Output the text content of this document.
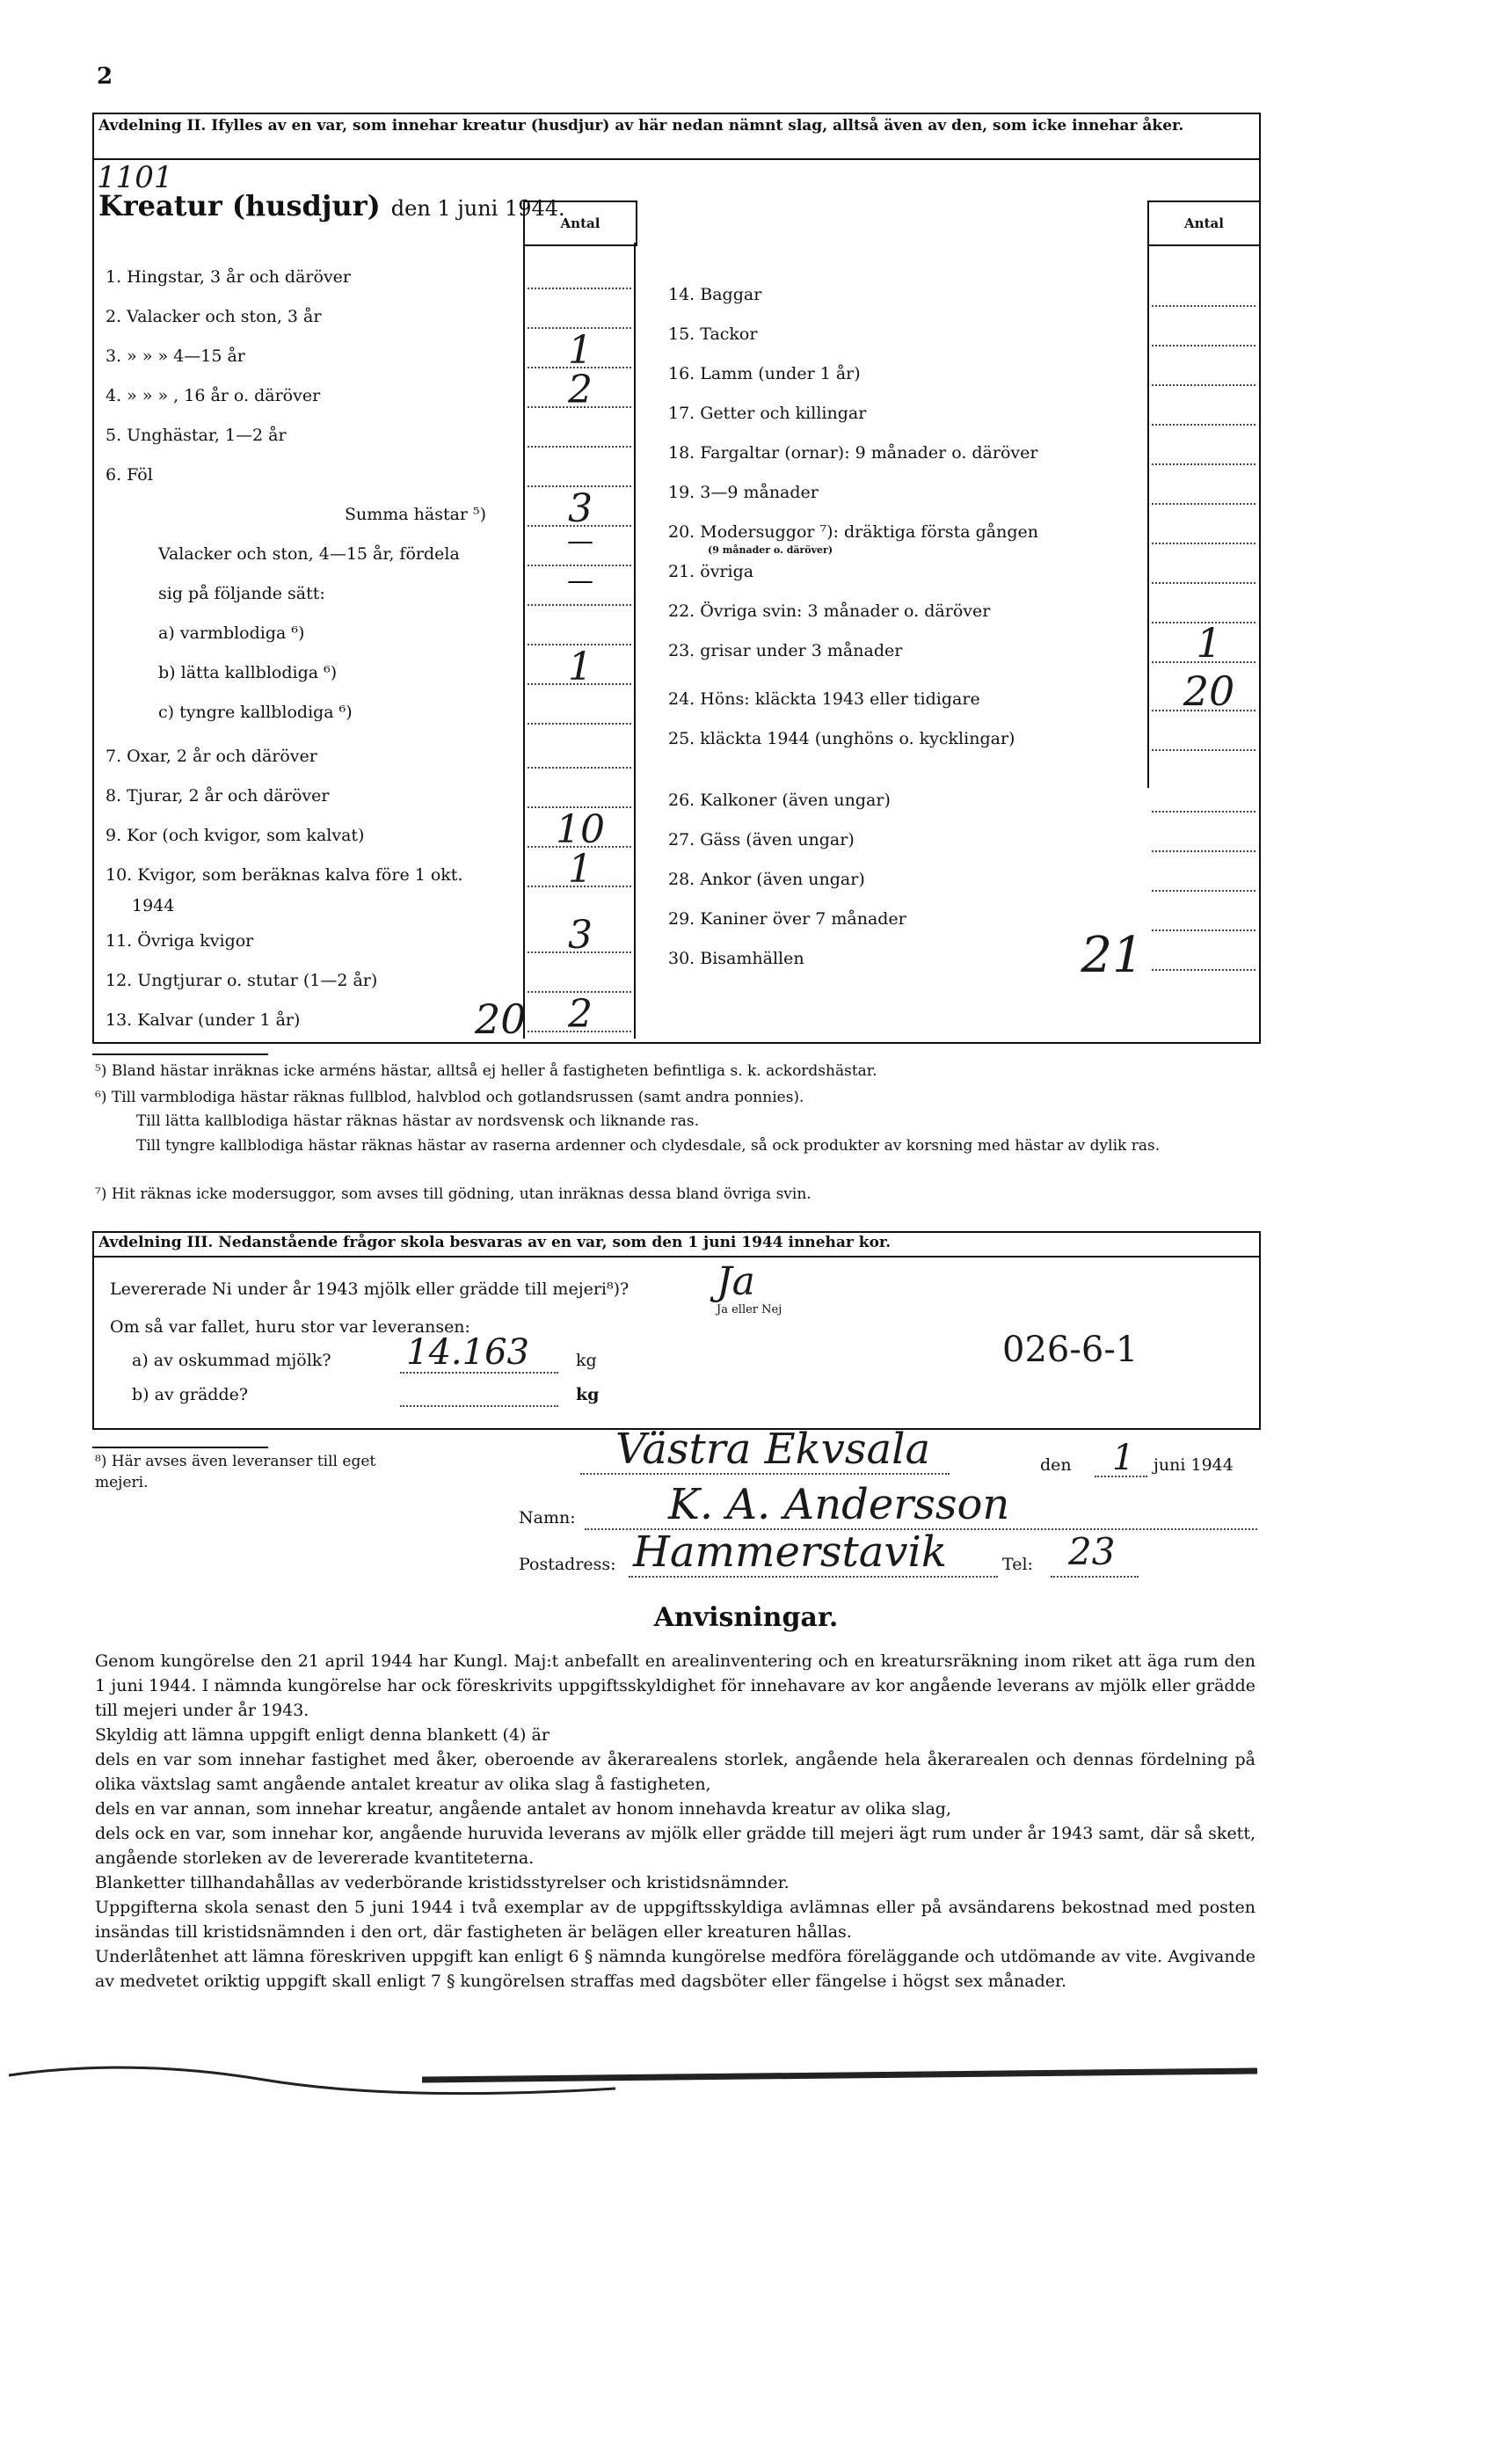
2
Avdelning II. Ifylles av en var, som innehar kreatur (husdjur) av här nedan nämnt slag, alltså även av den, som icke innehar åker.
1101
Kreatur (husdjur) den 1 juni 1944.
Antal	Antal
1. Hingstar, 3 år och däröver
2. Valacker och ston, 3 år
3. » » » 4—15 år	1
4. » » » , 16 år o. däröver	2
5. Unghästar, 1—2 år
6. Föl
Summa hästar ⁵)	3
Valacker och ston, 4—15 år, fördela	—
sig på följande sätt:	—
a) varmblodiga ⁶)
b) lätta kallblodiga ⁶)	1
c) tyngre kallblodiga ⁶)
7. Oxar, 2 år och däröver
8. Tjurar, 2 år och däröver
9. Kor (och kvigor, som kalvat)	10
10. Kvigor, som beräknas kalva före 1 okt.	1
1944
11. Övriga kvigor	3
12. Ungtjurar o. stutar (1—2 år)
13. Kalvar (under 1 år)	2
14. Baggar
15. Tackor
16. Lamm (under 1 år)
17. Getter och killingar
18. Fargaltar (ornar): 9 månader o. däröver
19. 3—9 månader
20. Modersuggor ⁷): dräktiga första gången
(9 månader o. däröver)
21. övriga
22. Övriga svin: 3 månader o. däröver
23. grisar under 3 månader	1
24. Höns: kläckta 1943 eller tidigare	20
25. kläckta 1944 (unghöns o. kycklingar)
26. Kalkoner (även ungar)
27. Gäss (även ungar)
28. Ankor (även ungar)
29. Kaniner över 7 månader
30. Bisamhällen	21
20
⁵) Bland hästar inräknas icke arméns hästar, alltså ej heller å fastigheten befintliga s. k. ackordshästar.
⁶) Till varmblodiga hästar räknas fullblod, halvblod och gotlandsrussen (samt andra ponnies).
Till lätta kallblodiga hästar räknas hästar av nordsvensk och liknande ras.
Till tyngre kallblodiga hästar räknas hästar av raserna ardenner och clydesdale, så ock produkter av korsning med hästar av dylik ras.
⁷) Hit räknas icke modersuggor, som avses till gödning, utan inräknas dessa bland övriga svin.
Avdelning III. Nedanstående frågor skola besvaras av en var, som den 1 juni 1944 innehar kor.
Levererade Ni under år 1943 mjölk eller grädde till mejeri⁸)? Ja
Ja eller Nej
Om så var fallet, huru stor var leveransen:
a) av oskummad mjölk? 14.163	kg	026-6-1
b) av grädde?	kg
⁸) Här avses även leveranser till eget mejeri.
Västra Ekvsala	den 1 juni 1944
Namn: K. A. Andersson
Postadress: Hammerstavik	Tel: 23
Anvisningar.

Genom kungörelse den 21 april 1944 har Kungl. Maj:t anbefallt en arealinventering och en kreatursräkning inom riket att äga rum den 1 juni 1944. I nämnda kungörelse har ock föreskrivits uppgiftsskyldighet för innehavare av kor angående leverans av mjölk eller grädde till mejeri under år 1943.

Skyldig att lämna uppgift enligt denna blankett (4) är

dels en var som innehar fastighet med åker, oberoende av åkerarealens storlek, angående hela åkerarealen och dennas fördelning på olika växtslag samt angående antalet kreatur av olika slag å fastigheten,

dels en var annan, som innehar kreatur, angående antalet av honom innehavda kreatur av olika slag,

dels ock en var, som innehar kor, angående huruvida leverans av mjölk eller grädde till mejeri ägt rum under år 1943 samt, där så skett, angående storleken av de levererade kvantiteterna.

Blanketter tillhandahållas av vederbörande kristidsstyrelser och kristidsnämnder.

Uppgifterna skola senast den 5 juni 1944 i två exemplar av de uppgiftsskyldiga avlämnas eller på avsändarens bekostnad med posten insändas till kristidsnämnden i den ort, där fastigheten är belägen eller kreaturen hållas.

Underlåtenhet att lämna föreskriven uppgift kan enligt 6 § nämnda kungörelse medföra föreläggande och utdömande av vite. Avgivande av medvetet oriktig uppgift skall enligt 7 § kungörelsen straffas med dagsböter eller fängelse i högst sex månader.
